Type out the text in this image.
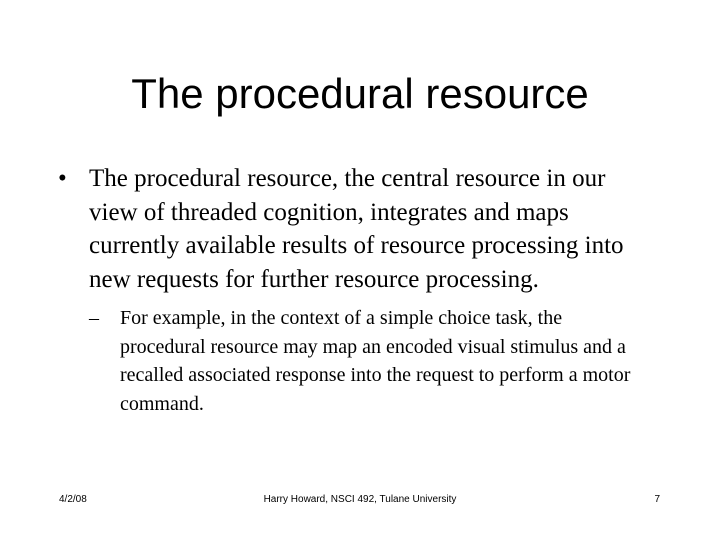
The procedural resource
• The procedural resource, the central resource in our view of threaded cognition, integrates and maps currently available results of resource processing into new requests for further resource processing.
–	For example, in the context of a simple choice task, the procedural resource may map an encoded visual stimulus and a recalled associated response into the request to perform a motor command.
4/2/08	Harry Howard, NSCI 492, Tulane University	7
